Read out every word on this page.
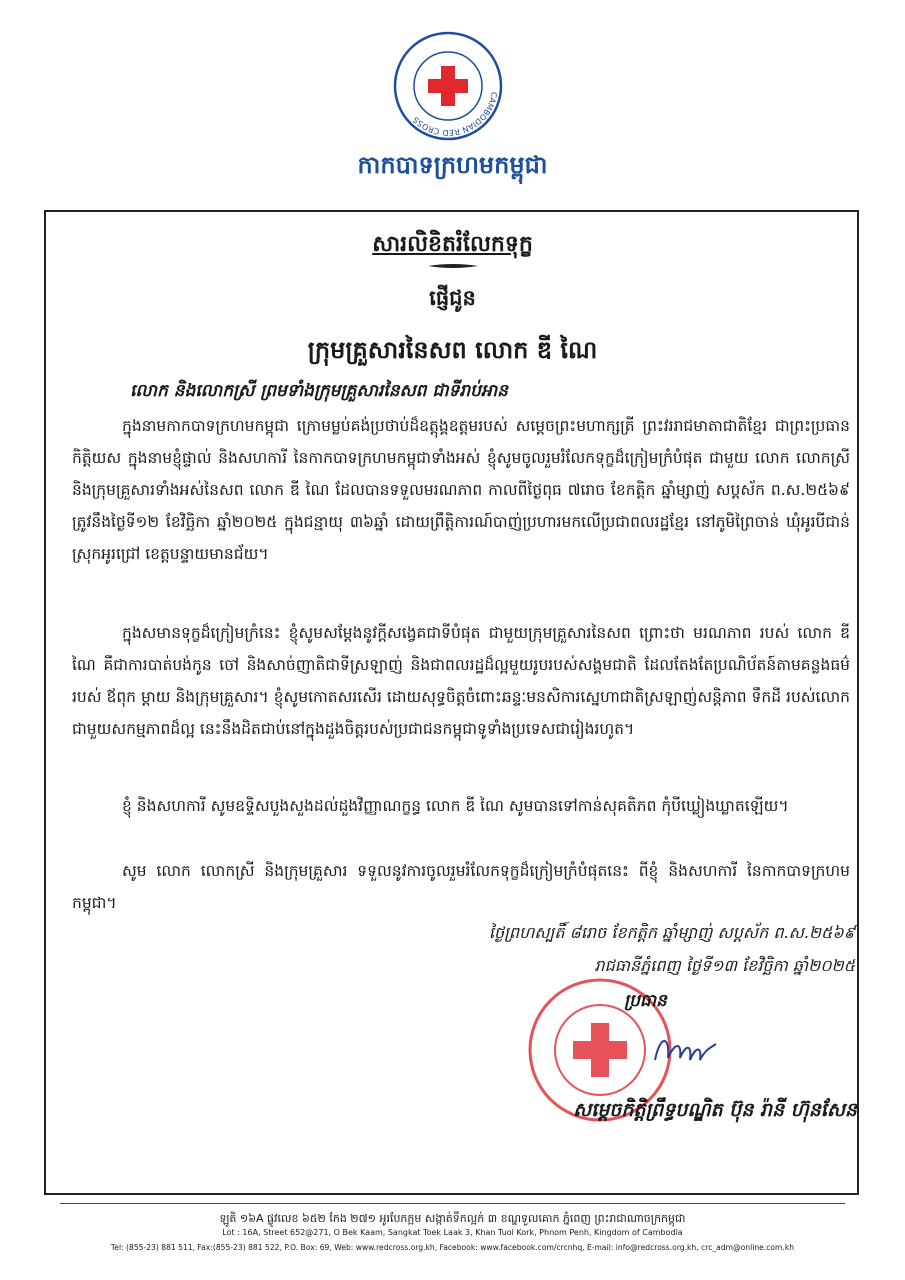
CAMBODIAN RED CROSS
កាកបាទក្រហមកម្ពុជា
សារលិខិតរំលែកទុក្ខ
ផ្ញើជូន
ក្រុមគ្រួសារនៃសព លោក ឌី ណៃ
លោក និងលោកស្រី ព្រមទាំងក្រុមគ្រួសារនៃសព ជាទីរាប់អាន
ក្នុងនាមកាកបាទក្រហមកម្ពុជា ក្រោមម្លប់គង់ប្រថាប់ដ៏ឧត្តុង្គឧត្តមរបស់ សម្តេចព្រះមហាក្សត្រី ព្រះវររាជមាតាជាតិខ្មែរ ជាព្រះប្រធានកិត្តិយស ក្នុងនាមខ្ញុំផ្ទាល់ និងសហការី នៃកាកបាទក្រហមកម្ពុជាទាំងអស់ ខ្ញុំសូមចូលរួមរំលែកទុក្ខដ៏ក្រៀមក្រំបំផុត ជាមួយ លោក លោកស្រី និងក្រុមគ្រួសារទាំងអស់នៃសព លោក ឌី ណៃ ដែលបានទទួលមរណភាព កាលពីថ្ងៃពុធ ៧រោច ខែកត្តិក ឆ្នាំម្សាញ់ សប្តស័ក ព.ស.២៥៦៩ ត្រូវនឹងថ្ងៃទី១២ ខែវិច្ឆិកា ឆ្នាំ២០២៥ ក្នុងជន្មាយុ ៣៦ឆ្នាំ ដោយព្រឹត្តិការណ៍បាញ់ប្រហារមកលើប្រជាពលរដ្ឋខ្មែរ នៅភូមិព្រៃចាន់ ឃុំអូរបីជាន់ ស្រុកអូរជ្រៅ ខេត្តបន្ទាយមានជ័យ។
ក្នុងសមានទុក្ខដ៏ក្រៀមក្រំនេះ ខ្ញុំសូមសម្តែងនូវក្តីសង្វេគជាទីបំផុត ជាមួយក្រុមគ្រួសារនៃសព ព្រោះថា មរណភាព របស់ លោក ឌី ណៃ គឺជាការបាត់បង់កូន ចៅ និងសាច់ញាតិជាទីស្រឡាញ់ និងជាពលរដ្ឋដ៏ល្អមួយរូបរបស់សង្គមជាតិ ដែលតែងតែប្រណិប័តន៍តាមគន្លងធម៌របស់ ឪពុក ម្តាយ និងក្រុមគ្រួសារ។ ខ្ញុំសូមកោតសរសើរ ដោយសុទ្ធចិត្តចំពោះឆន្ទៈមនសិការស្នេហាជាតិស្រឡាញ់សន្តិភាព ទឹកដី របស់លោក ជាមួយសកម្មភាពដ៏ល្អ នេះនឹងដិតជាប់នៅក្នុងដួងចិត្តរបស់ប្រជាជនកម្ពុជាទូទាំងប្រទេសជារៀងរហូត។
ខ្ញុំ និងសហការី សូមឧទ្ទិសបួងសួងដល់ដួងវិញ្ញាណក្ខន្ធ លោក ឌី ណៃ សូមបានទៅកាន់សុគតិភព កុំបីឃ្លៀងឃ្លាតឡើយ។
សូម លោក លោកស្រី និងក្រុមគ្រួសារ ទទួលនូវការចូលរួមរំលែកទុក្ខដ៏ក្រៀមក្រំបំផុតនេះ ពីខ្ញុំ និងសហការី នៃកាកបាទក្រហមកម្ពុជា។
ថ្ងៃព្រហស្បតិ៍ ៨រោច ខែកត្តិក ឆ្នាំម្សាញ់ សប្តស័ក ព.ស.២៥៦៩
រាជធានីភ្នំពេញ ថ្ងៃទី១៣ ខែវិច្ឆិកា ឆ្នាំ២០២៥
ប្រធាន
សម្តេចកិត្តិព្រឹទ្ធបណ្ឌិត ប៊ុន រ៉ានី ហ៊ុនសែន
ឡូតិ ១៦A ផ្លូវលេខ ៦៥២ កែង ២៧១ អូរបែកក្អម សង្កាត់ទឹកល្អក់ ៣ ខណ្ឌទួលគោក ភ្នំពេញ ព្រះរាជាណាចក្រកម្ពុជា
Lot : 16A, Street 652@271, O Bek Kaam, Sangkat Toek Laak 3, Khan Tuol Kork, Phnom Penh, Kingdom of Cambodia
Tel: (855-23) 881 511, Fax:(855-23) 881 522, P.O. Box: 69, Web: www.redcross.org.kh, Facebook: www.facebook.com/crcnhq, E-mail: info@redcross.org.kh, crc_adm@online.com.kh
